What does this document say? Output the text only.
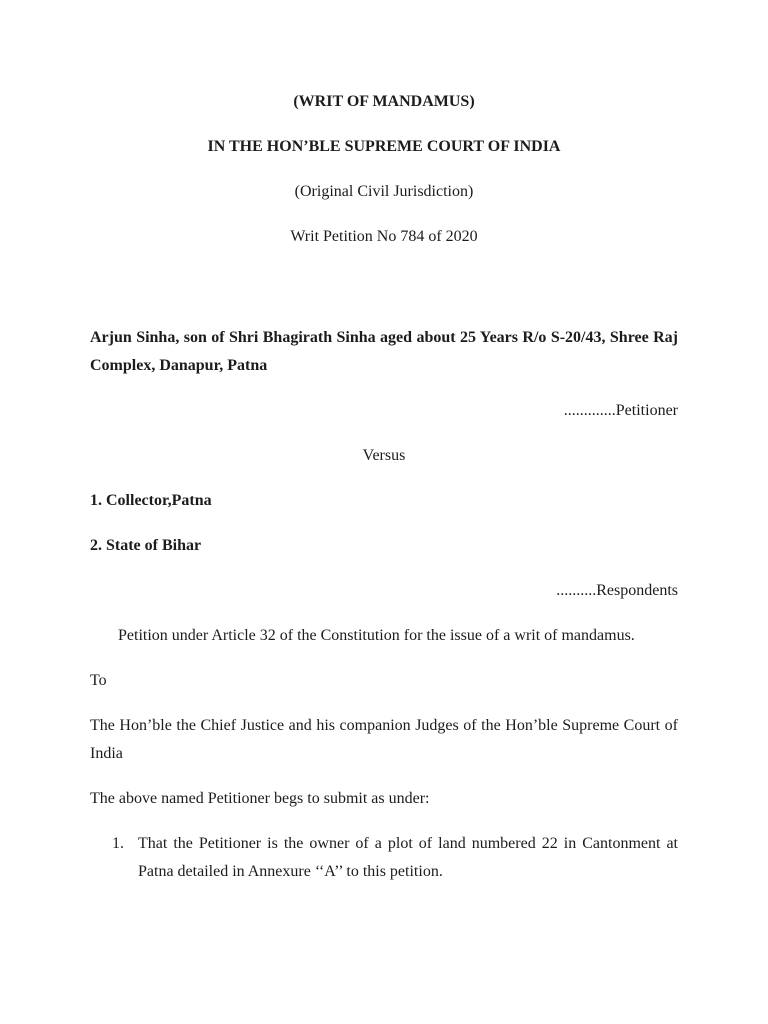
(WRIT OF MANDAMUS)

IN THE HON’BLE SUPREME COURT OF INDIA

(Original Civil Jurisdiction)

Writ Petition No 784 of 2020

Arjun Sinha, son of Shri Bhagirath Sinha aged about 25 Years R/o S-20/43, Shree Raj Complex, Danapur, Patna

.............Petitioner

Versus

1. Collector,Patna

2. State of Bihar

..........Respondents

Petition under Article 32 of the Constitution for the issue of a writ of mandamus.

To

The Hon’ble the Chief Justice and his companion Judges of the Hon’ble Supreme Court of India

The above named Petitioner begs to submit as under:

1. That the Petitioner is the owner of a plot of land numbered 22 in Cantonment at Patna detailed in Annexure ‘‘A’’ to this petition.
